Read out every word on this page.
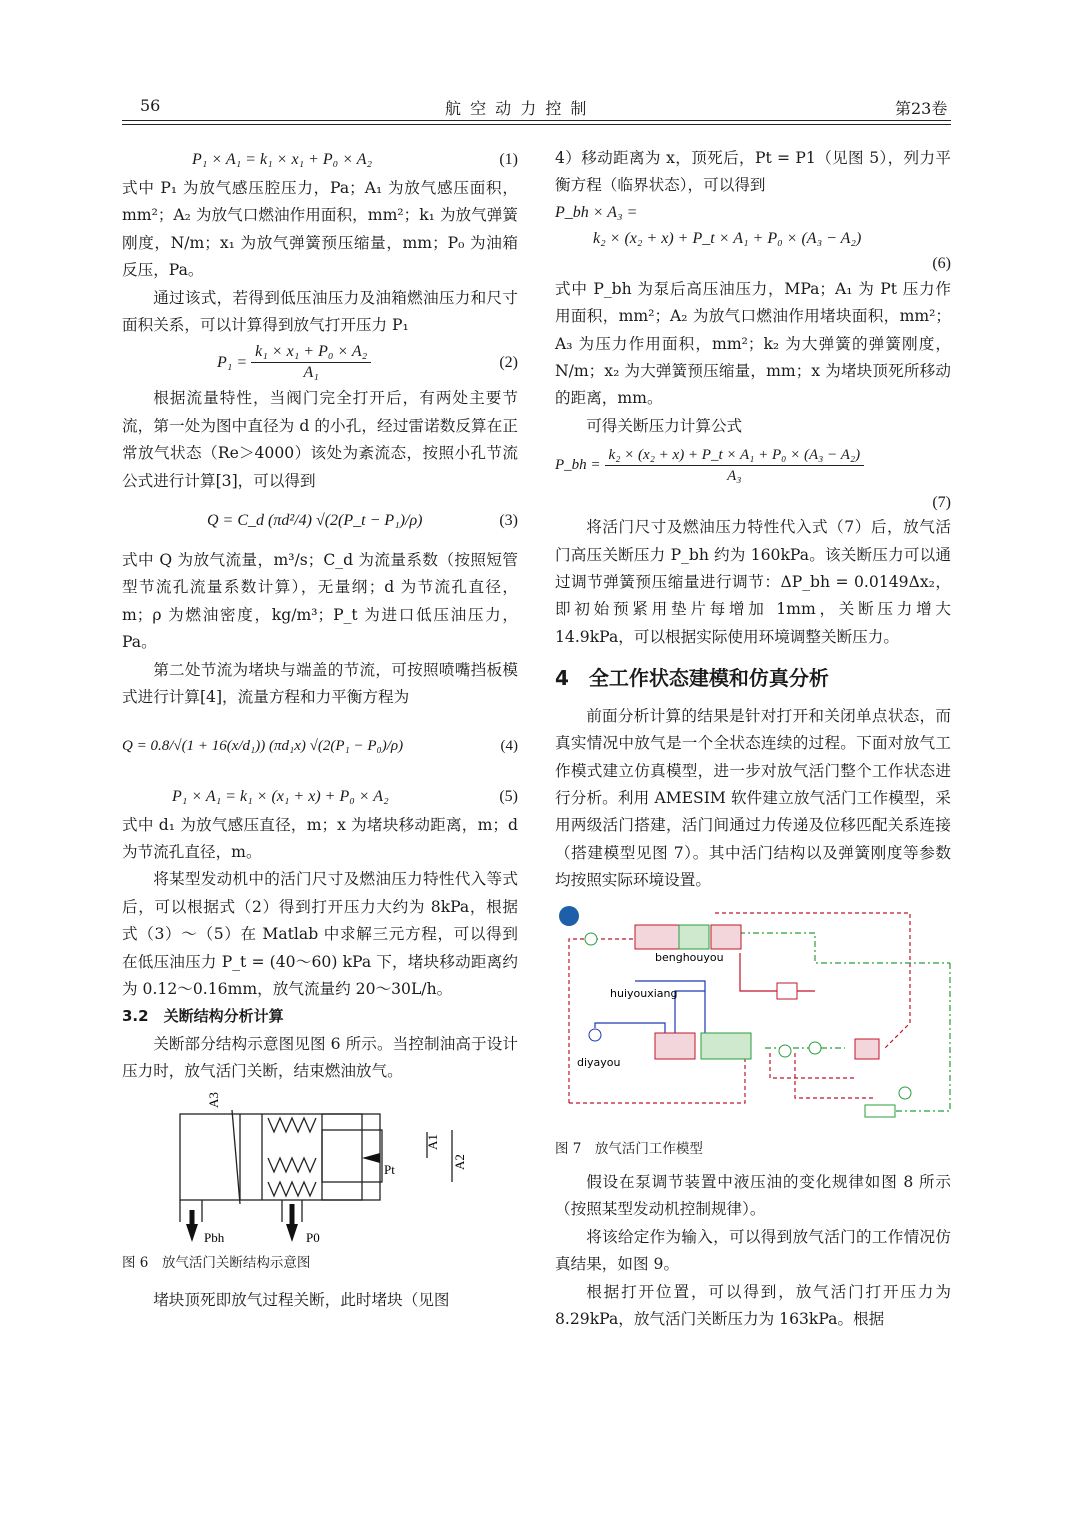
56	航 空 动 力 控 制	第23卷
P₁ × A₁ = k₁ × x₁ + P₀ × A₂	(1)

式中 P₁ 为放气感压腔压力，Pa；A₁ 为放气感压面积，mm²；A₂ 为放气口燃油作用面积，mm²；k₁ 为放气弹簧刚度，N/m；x₁ 为放气弹簧预压缩量，mm；P₀ 为油箱反压，Pa。

通过该式，若得到低压油压力及油箱燃油压力和尺寸面积关系，可以计算得到放气打开压力 P₁

$P_1 = \frac{\text{k₁ × x₁ + P₀ × A₂}}{\text{A₁}}$	(2)

根据流量特性，当阀门完全打开后，有两处主要节流，第一处为图中直径为 d 的小孔，经过雷诺数反算在正常放气状态（Re＞4000）该处为紊流态，按照小孔节流公式进行计算[3]，可以得到

Q = C_d (πd²/4) √(2(P_t − P₁)/ρ)	(3)

式中 Q 为放气流量，m³/s；C_d 为流量系数（按照短管型节流孔流量系数计算），无量纲；d 为节流孔直径，m；ρ 为燃油密度，kg/m³；P_t 为进口低压油压力，Pa。

第二处节流为堵块与端盖的节流，可按照喷嘴挡板模式进行计算[4]，流量方程和力平衡方程为

Q = 0.8/√(1 + 16(x/d₁)) (πd₁x) √(2(P₁ − P₀)/ρ)	(4)
P₁ × A₁ = k₁ × (x₁ + x) + P₀ × A₂	(5)

式中 d₁ 为放气感压直径，m；x 为堵块移动距离，m；d 为节流孔直径，m。

将某型发动机中的活门尺寸及燃油压力特性代入等式后，可以根据式（2）得到打开压力大约为 8kPa，根据式（3）～（5）在 Matlab 中求解三元方程，可以得到在低压油压力 P_t = (40～60) kPa 下，堵块移动距离约为 0.12～0.16mm，放气流量约 20～30L/h。

3.2　关断结构分析计算

关断部分结构示意图见图 6 所示。当控制油高于设计压力时，放气活门关断，结束燃油放气。

A3
A1
A2
Pt
Pbh	P0

图 6　放气活门关断结构示意图

堵块顶死即放气过程关断，此时堵块（见图

4）移动距离为 x，顶死后，Pt = P1（见图 5），列力平衡方程（临界状态），可以得到

P_bh × A₃ =
k₂ × (x₂ + x) + P_t × A₁ + P₀ × (A₃ − A₂)
(6)

式中 P_bh 为泵后高压油压力，MPa；A₁ 为 Pt 压力作用面积，mm²；A₂ 为放气口燃油作用堵块面积，mm²；A₃ 为压力作用面积，mm²；k₂ 为大弹簧的弹簧刚度，N/m；x₂ 为大弹簧预压缩量，mm；x 为堵块顶死所移动的距离，mm。

可得关断压力计算公式

P_bh = $\frac{\text{k₂ × (x₂ + x) + P\_t × A₁ + P₀ × (A₃ − A₂)}}{\text{A₃}}$
(7)

将活门尺寸及燃油压力特性代入式（7）后，放气活门高压关断压力 P_bh 约为 160kPa。该关断压力可以通过调节弹簧预压缩量进行调节：ΔP_bh = 0.0149Δx₂，即初始预紧用垫片每增加 1mm，关断压力增大 14.9kPa，可以根据实际使用环境调整关断压力。

4　全工作状态建模和仿真分析

前面分析计算的结果是针对打开和关闭单点状态，而真实情况中放气是一个全状态连续的过程。下面对放气工作模式建立仿真模型，进一步对放气活门整个工作状态进行分析。利用 AMESIM 软件建立放气活门工作模型，采用两级活门搭建，活门间通过力传递及位移匹配关系连接（搭建模型见图 7）。其中活门结构以及弹簧刚度等参数均按照实际环境设置。

benghouyou
huiyouxiang
diyayou

图 7　放气活门工作模型

假设在泵调节装置中液压油的变化规律如图 8 所示（按照某型发动机控制规律）。

将该给定作为输入，可以得到放气活门的工作情况仿真结果，如图 9。

根据打开位置，可以得到，放气活门打开压力为 8.29kPa，放气活门关断压力为 163kPa。根据
